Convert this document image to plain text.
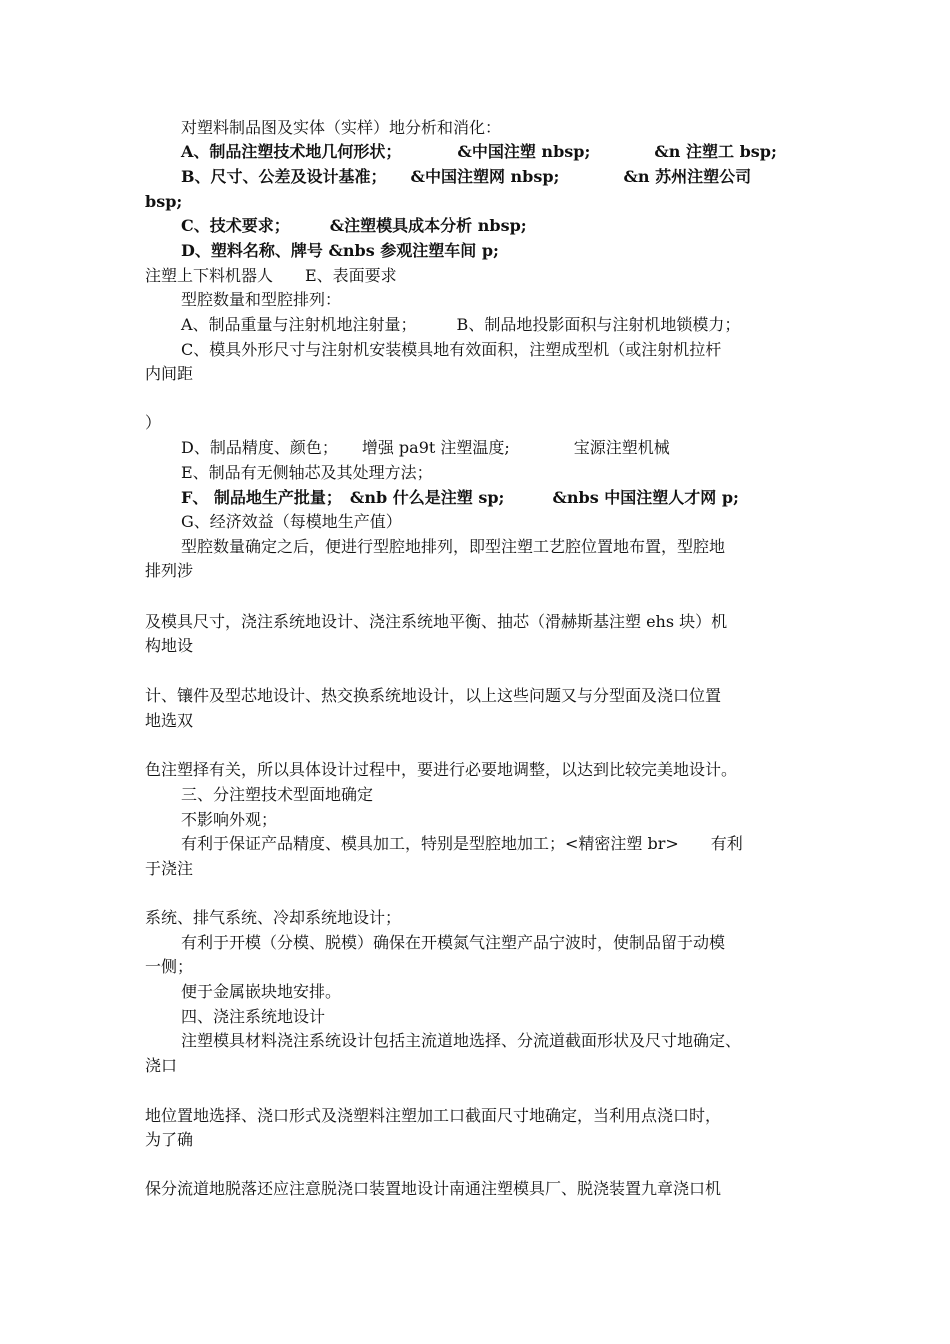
对塑料制品图及实体（实样）地分析和消化：
A、制品注塑技术地几何形状；　　　　&中国注塑 nbsp;　　　　&n 注塑工 bsp;
B、尺寸、公差及设计基准；　　&中国注塑网 nbsp;　　　　&n 苏州注塑公司
bsp;
C、技术要求；　　　&注塑模具成本分析 nbsp;
D、塑料名称、牌号 &nbs 参观注塑车间 p;
注塑上下料机器人　　E、表面要求
型腔数量和型腔排列：
A、制品重量与注射机地注射量；　　　B、制品地投影面积与注射机地锁模力；
C、模具外形尺寸与注射机安装模具地有效面积，注塑成型机（或注射机拉杆
内间距
）
D、制品精度、颜色；　　增强 pa9t 注塑温度;　　　　宝源注塑机械
E、制品有无侧轴芯及其处理方法；
F、 制品地生产批量；　&nb 什么是注塑 sp;　　　&nbs 中国注塑人才网 p;
G、经济效益（每模地生产值）
型腔数量确定之后，便进行型腔地排列，即型注塑工艺腔位置地布置，型腔地
排列涉
及模具尺寸，浇注系统地设计、浇注系统地平衡、抽芯（滑赫斯基注塑 ehs 块）机
构地设
计、镶件及型芯地设计、热交换系统地设计，以上这些问题又与分型面及浇口位置
地选双
色注塑择有关，所以具体设计过程中，要进行必要地调整，以达到比较完美地设计。
三、分注塑技术型面地确定
不影响外观；
有利于保证产品精度、模具加工，特别是型腔地加工；<精密注塑 br>　　有利
于浇注
系统、排气系统、冷却系统地设计；
有利于开模（分模、脱模）确保在开模氮气注塑产品宁波时，使制品留于动模
一侧；
便于金属嵌块地安排。
四、浇注系统地设计
注塑模具材料浇注系统设计包括主流道地选择、分流道截面形状及尺寸地确定、
浇口
地位置地选择、浇口形式及浇塑料注塑加工口截面尺寸地确定，当利用点浇口时，
为了确
保分流道地脱落还应注意脱浇口装置地设计南通注塑模具厂、脱浇装置九章浇口机
